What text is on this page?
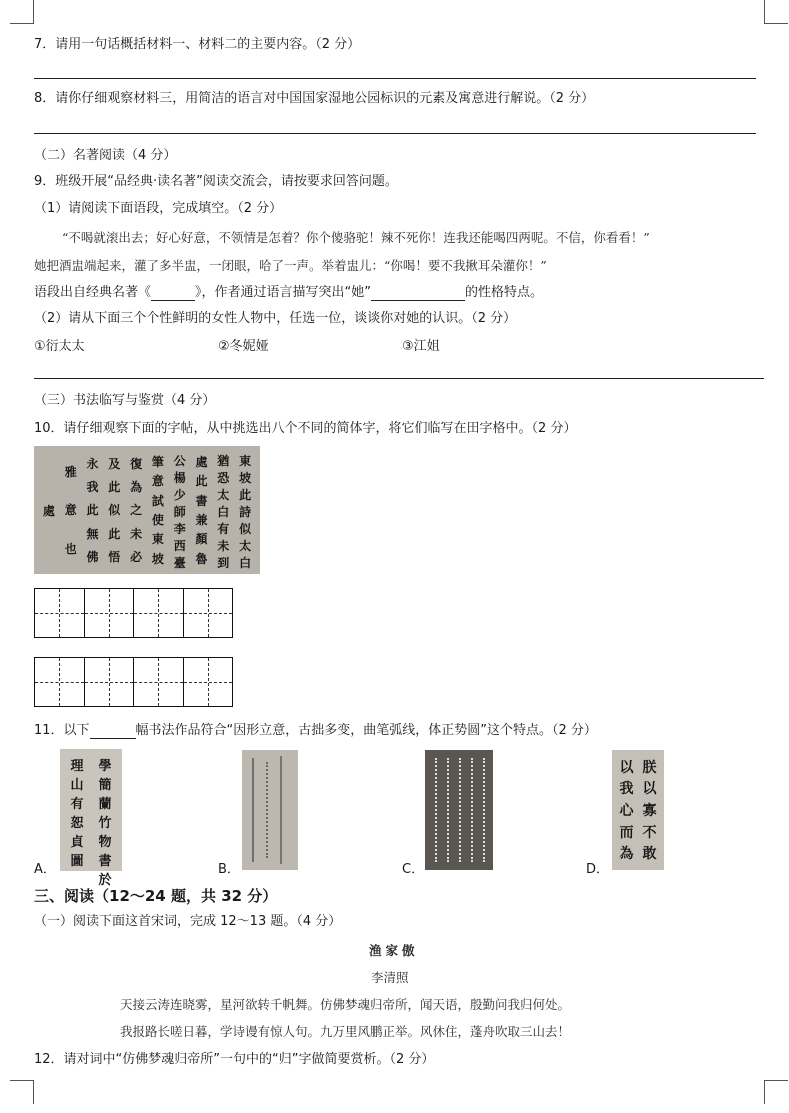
7．请用一句话概括材料一、材料二的主要内容。（2 分）
8．请你仔细观察材料三，用简洁的语言对中国国家湿地公园标识的元素及寓意进行解说。（2 分）
（二）名著阅读（4 分）
9．班级开展“品经典·读名著”阅读交流会，请按要求回答问题。
（1）请阅读下面语段，完成填空。（2 分）
“不喝就滚出去；好心好意，不领情是怎着？你个傻骆驼！辣不死你！连我还能喝四两呢。不信，你看看！”
她把酒盅端起来，灌了多半盅，一闭眼，哈了一声。举着盅儿：“你喝！要不我揪耳朵灌你！”
语段出自经典名著《	》，作者通过语言描写突出“她”	的性格特点。
（2）请从下面三个个性鲜明的女性人物中，任选一位，谈谈你对她的认识。（2 分）
①衍太太	②冬妮娅	③江姐
（三）书法临写与鉴赏（4 分）
10．请仔细观察下面的字帖，从中挑选出八个不同的简体字，将它们临写在田字格中。（2 分）
東
坡
此
詩
似
太
白
猶
恐
太
白
有
未
到
處
此
書
兼
顏
魯
公
楊
少
師
李
西
臺
筆
意
試
使
東
坡
復
為
之
未
必
及
此
似
此
悟
永
我
此
無
佛
雅
意
也
處
11．以下	幅书法作品符合“因形立意，古拙多变，曲笔弧线，体正势圆”这个特点。（2 分）
學
簡
蘭
竹
物
書
於
理
山
有
恕
貞
圖
朕
以
寡
不
敢
以
我
心
而
為
A．	B．	C．	D．
三、阅读（12～24 题，共 32 分）
（一）阅读下面这首宋词，完成 12～13 题。（4 分）
渔家傲
李清照
天接云涛连晓雾，星河欲转千帆舞。仿佛梦魂归帝所，闻天语，殷勤问我归何处。
我报路长嗟日暮，学诗谩有惊人句。九万里风鹏正举。风休住，蓬舟吹取三山去！
12．请对词中“仿佛梦魂归帝所”一句中的“归”字做简要赏析。（2 分）
